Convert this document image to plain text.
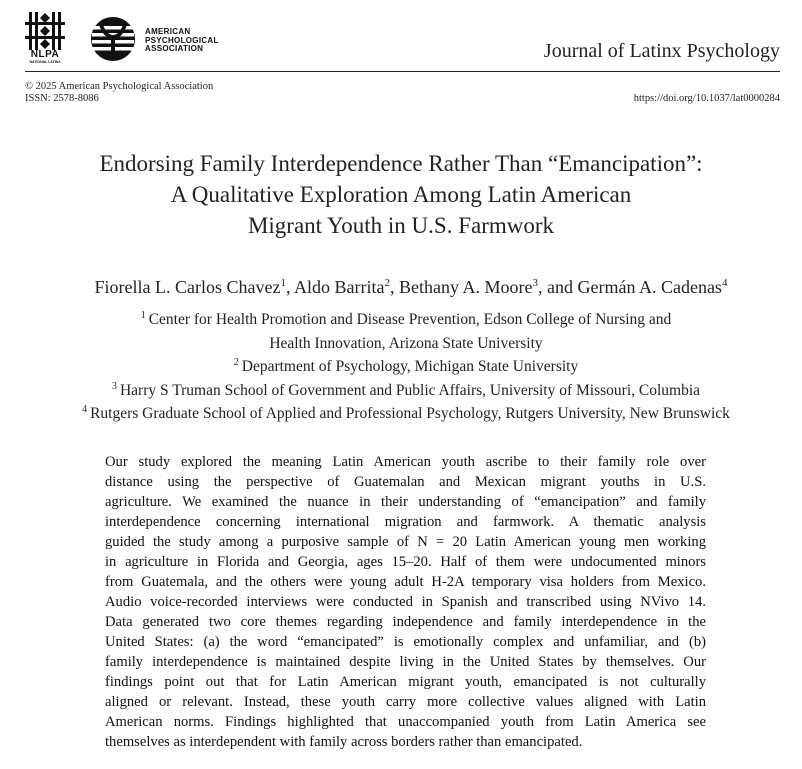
NLPA
NATIONAL LATINX
AMERICAN
PSYCHOLOGICAL
ASSOCIATION	Journal of Latinx Psychology
© 2025 American Psychological Association
ISSN: 2578-8086	https://doi.org/10.1037/lat0000284
Endorsing Family Interdependence Rather Than “Emancipation”:
A Qualitative Exploration Among Latin American
Migrant Youth in U.S. Farmwork
Fiorella L. Carlos Chavez$^1$, Aldo Barrita$^2$, Bethany A. Moore$^3$, and Germán A. Cadenas$^4$
$^1$ Center for Health Promotion and Disease Prevention, Edson College of Nursing and
Health Innovation, Arizona State University
$^2$ Department of Psychology, Michigan State University
$^3$ Harry S Truman School of Government and Public Affairs, University of Missouri, Columbia
$^4$ Rutgers Graduate School of Applied and Professional Psychology, Rutgers University, New Brunswick
Our study explored the meaning Latin American youth ascribe to their family role over
distance using the perspective of Guatemalan and Mexican migrant youths in U.S.
agriculture. We examined the nuance in their understanding of “emancipation” and family
interdependence concerning international migration and farmwork. A thematic analysis
guided the study among a purposive sample of N = 20 Latin American young men working
in agriculture in Florida and Georgia, ages 15–20. Half of them were undocumented minors
from Guatemala, and the others were young adult H-2A temporary visa holders from Mexico.
Audio voice-recorded interviews were conducted in Spanish and transcribed using NVivo 14.
Data generated two core themes regarding independence and family interdependence in the
United States: (a) the word “emancipated” is emotionally complex and unfamiliar, and (b)
family interdependence is maintained despite living in the United States by themselves. Our
findings point out that for Latin American migrant youth, emancipated is not culturally
aligned or relevant. Instead, these youth carry more collective values aligned with Latin
American norms. Findings highlighted that unaccompanied youth from Latin America see
themselves as interdependent with family across borders rather than emancipated.
